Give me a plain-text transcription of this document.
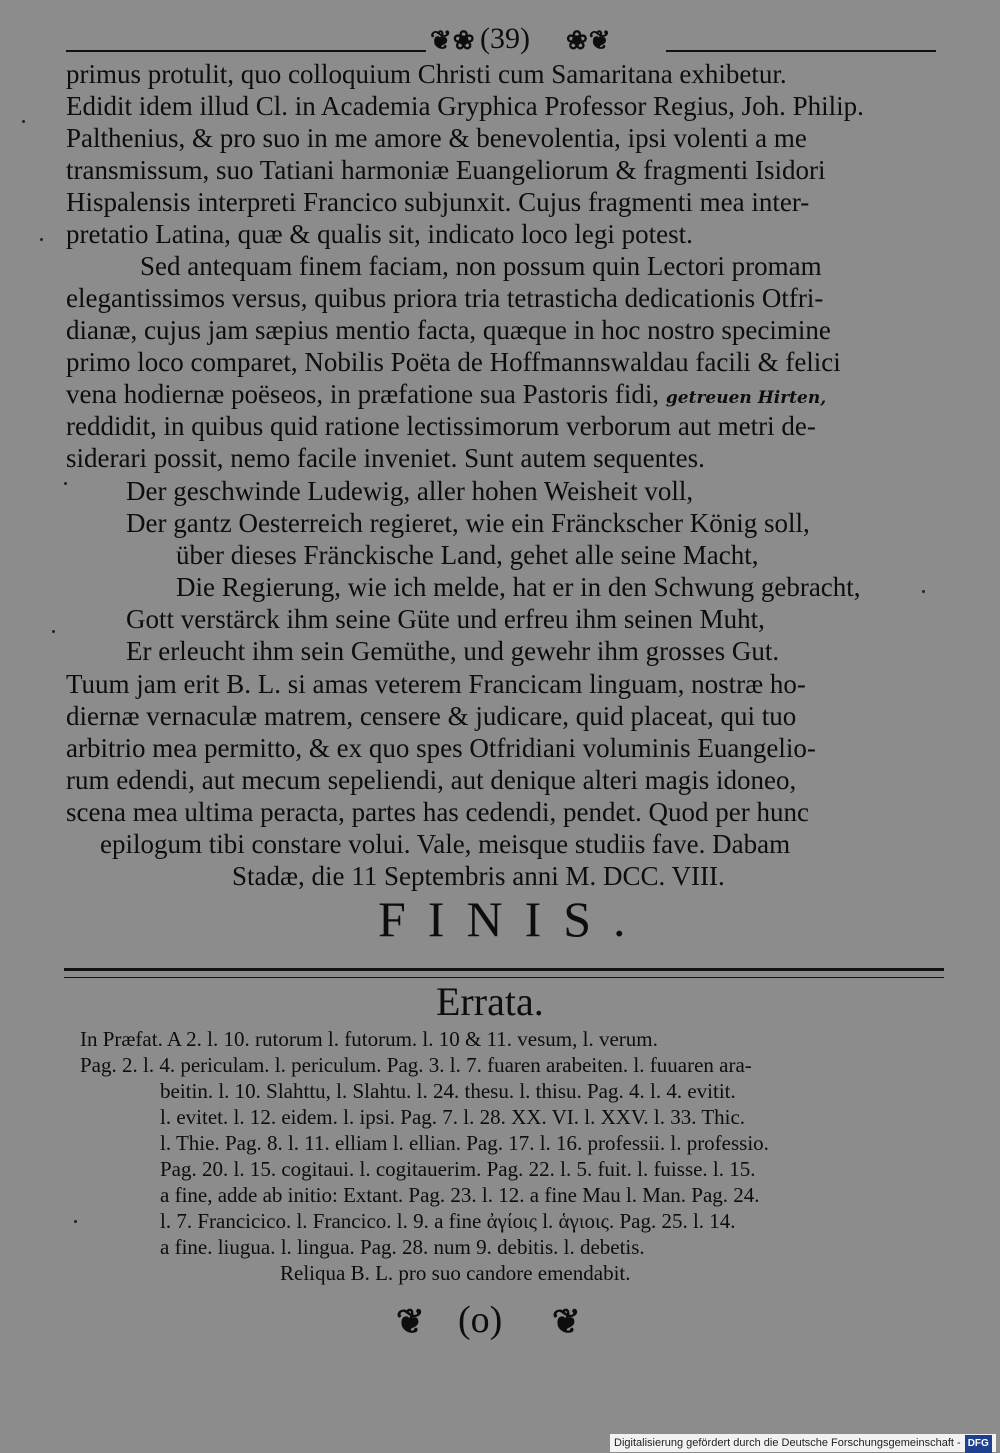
❦❀ (39) ❀❦
primus protulit, quo colloquium Christi cum Samaritana exhibetur.
Edidit idem illud Cl. in Academia Gryphica Professor Regius, Joh. Philip.
Palthenius, & pro suo in me amore & benevolentia, ipsi volenti a me
transmissum, suo Tatiani harmoniæ Euangeliorum & fragmenti Isidori
Hispalensis interpreti Francico subjunxit. Cujus fragmenti mea inter-
pretatio Latina, quæ & qualis sit, indicato loco legi potest.
Sed antequam finem faciam, non possum quin Lectori promam
elegantissimos versus, quibus priora tria tetrasticha dedicationis Otfri-
dianæ, cujus jam sæpius mentio facta, quæque in hoc nostro specimine
primo loco comparet, Nobilis Poëta de Hoffmannswaldau facili & felici
vena hodiernæ poëseos, in præfatione sua Pastoris fidi, getreuen Hirten,
reddidit, in quibus quid ratione lectissimorum verborum aut metri de-
siderari possit, nemo facile inveniet. Sunt autem sequentes.
Der geschwinde Ludewig, aller hohen Weisheit voll,
Der gantz Oesterreich regieret, wie ein Fränckscher König soll,
über dieses Fränckische Land, gehet alle seine Macht,
Die Regierung, wie ich melde, hat er in den Schwung gebracht,
Gott verstärck ihm seine Güte und erfreu ihm seinen Muht,
Er erleucht ihm sein Gemüthe, und gewehr ihm grosses Gut.
Tuum jam erit B. L. si amas veterem Francicam linguam, nostræ ho-
diernæ vernaculæ matrem, censere & judicare, quid placeat, qui tuo
arbitrio mea permitto, & ex quo spes Otfridiani voluminis Euangelio-
rum edendi, aut mecum sepeliendi, aut denique alteri magis idoneo,
scena mea ultima peracta, partes has cedendi, pendet. Quod per hunc
epilogum tibi constare volui. Vale, meisque studiis fave. Dabam
Stadæ, die 11 Septembris anni M. DCC. VIII.
FINIS.
Errata.
In Præfat. A 2. l. 10. rutorum l. futorum. l. 10 & 11. vesum, l. verum.
Pag. 2. l. 4. periculam. l. periculum. Pag. 3. l. 7. fuaren arabeiten. l. fuuaren ara-
beitin. l. 10. Slahttu, l. Slahtu. l. 24. thesu. l. thisu. Pag. 4. l. 4. evitit.
l. evitet. l. 12. eidem. l. ipsi. Pag. 7. l. 28. XX. VI. l. XXV. l. 33. Thic.
l. Thie. Pag. 8. l. 11. elliam l. ellian. Pag. 17. l. 16. professii. l. professio.
Pag. 20. l. 15. cogitaui. l. cogitauerim. Pag. 22. l. 5. fuit. l. fuisse. l. 15.
a fine, adde ab initio: Extant. Pag. 23. l. 12. a fine Mau l. Man. Pag. 24.
l. 7. Francicico. l. Francico. l. 9. a fine ἀγίοις l. ἁγιοις. Pag. 25. l. 14.
a fine. liugua. l. lingua. Pag. 28. num 9. debitis. l. debetis.
Reliqua B. L. pro suo candore emendabit.
❦ (o) ❦
Digitalisierung gefördert durch die Deutsche Forschungsgemeinschaft - DFG
